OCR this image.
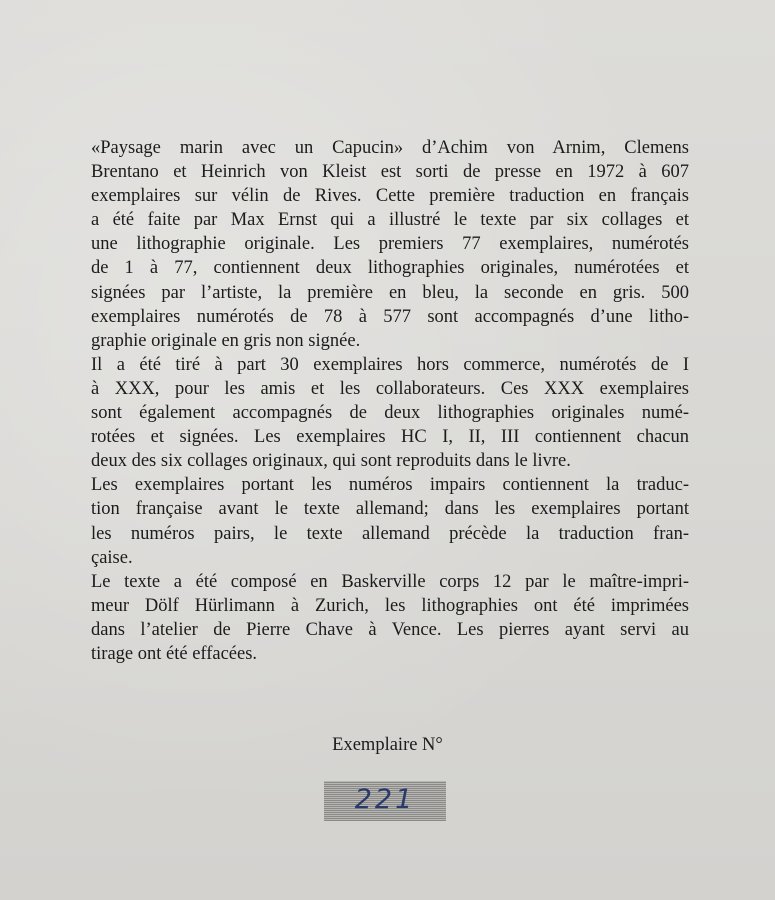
«Paysage marin avec un Capucin» d’Achim von Arnim, Clemens
Brentano et Heinrich von Kleist est sorti de presse en 1972 à 607
exemplaires sur vélin de Rives. Cette première traduction en français
a été faite par Max Ernst qui a illustré le texte par six collages et
une lithographie originale. Les premiers 77 exemplaires, numérotés
de 1 à 77, contiennent deux lithographies originales, numérotées et
signées par l’artiste, la première en bleu, la seconde en gris. 500
exemplaires numérotés de 78 à 577 sont accompagnés d’une litho-
graphie originale en gris non signée.

Il a été tiré à part 30 exemplaires hors commerce, numérotés de I
à XXX, pour les amis et les collaborateurs. Ces XXX exemplaires
sont également accompagnés de deux lithographies originales numé-
rotées et signées. Les exemplaires HC I, II, III contiennent chacun
deux des six collages originaux, qui sont reproduits dans le livre.

Les exemplaires portant les numéros impairs contiennent la traduc-
tion française avant le texte allemand; dans les exemplaires portant
les numéros pairs, le texte allemand précède la traduction fran-
çaise.

Le texte a été composé en Baskerville corps 12 par le maître-impri-
meur Dölf Hürlimann à Zurich, les lithographies ont été imprimées
dans l’atelier de Pierre Chave à Vence. Les pierres ayant servi au
tirage ont été effacées.

Exemplaire N°
221
